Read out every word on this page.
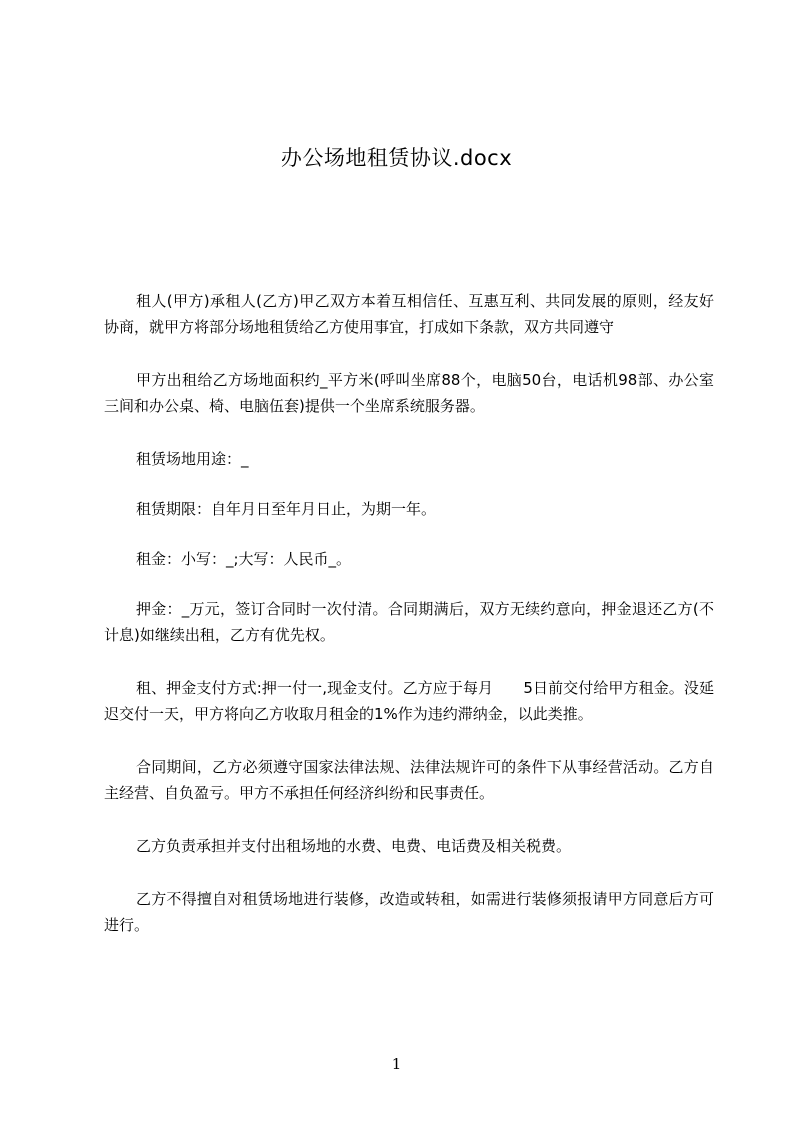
办公场地租赁协议.docx

租人(甲方)承租人(乙方)甲乙双方本着互相信任、互惠互利、共同发展的原则，经友好协商，就甲方将部分场地租赁给乙方使用事宜，打成如下条款，双方共同遵守

甲方出租给乙方场地面积约_平方米(呼叫坐席88个，电脑50台，电话机98部、办公室三间和办公桌、椅、电脑伍套)提供一个坐席系统服务器。

租赁场地用途：_

租赁期限：自年月日至年月日止，为期一年。

租金：小写：_;大写：人民币_。

押金：_万元，签订合同时一次付清。合同期满后，双方无续约意向，押金退还乙方(不计息)如继续出租，乙方有优先权。

租、押金支付方式:押一付一,现金支付。乙方应于每月　　5日前交付给甲方租金。没延迟交付一天，甲方将向乙方收取月租金的1%作为违约滞纳金，以此类推。

合同期间，乙方必须遵守国家法律法规、法律法规许可的条件下从事经营活动。乙方自主经营、自负盈亏。甲方不承担任何经济纠纷和民事责任。

乙方负责承担并支付出租场地的水费、电费、电话费及相关税费。

乙方不得擅自对租赁场地进行装修，改造或转租，如需进行装修须报请甲方同意后方可进行。

1
